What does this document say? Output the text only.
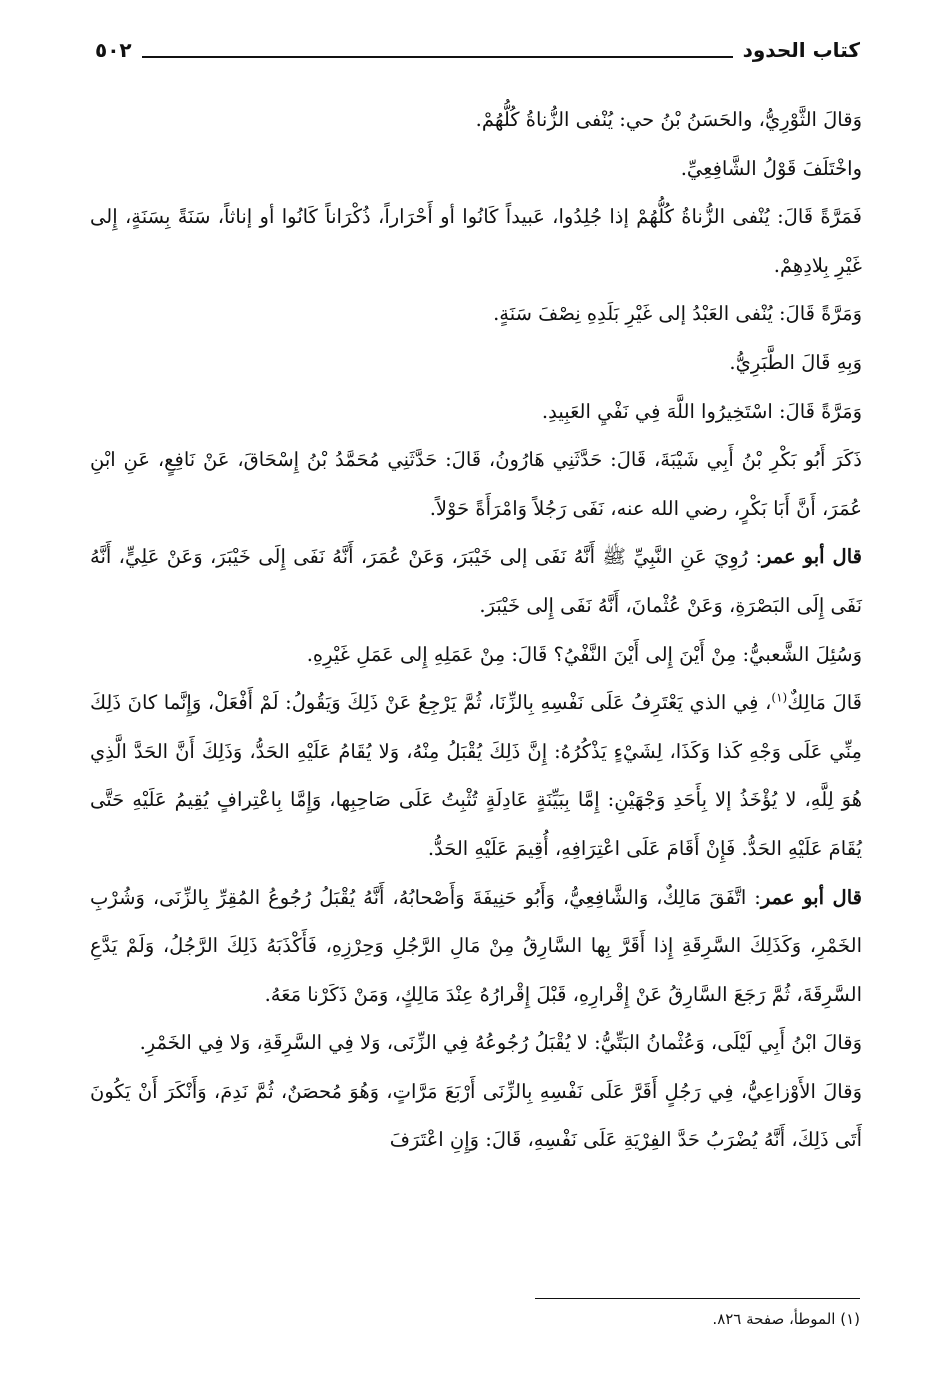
كتاب الحدود
٥٠٢

وَقالَ الثَّوْرِيُّ، والحَسَنُ بْنُ حي: يُنْفى الزُّناةُ كُلُّهُمْ.

واخْتَلَفَ قَوْلُ الشَّافِعِيِّ.

فَمَرَّةً قَالَ: يُنْفى الزُّناةُ كُلُّهُمْ إذا جُلِدُوا، عَبيداً كَانُوا أو أَحْرَاراً، ذُكْرَاناً كَانُوا أو إناثاً، سَنَةً بِسَنَةٍ، إِلى غَيْرِ بِلادِهِمْ.

وَمَرَّةً قَالَ: يُنْفى العَبْدُ إلى غَيْرِ بَلَدِهِ نِصْفَ سَنَةٍ.

وَبِهِ قَالَ الطَّبَرِيُّ.

وَمَرَّةً قَالَ: اسْتَخِيرُوا اللَّهَ فِي نَفْيِ العَبِيدِ.

ذَكَرَ أَبُو بَكْرِ بْنُ أَبِي شَيْبَةَ، قَالَ: حَدَّثَنِي هَارُونُ، قَالَ: حَدَّثَنِي مُحَمَّدُ بْنُ إِسْحَاقَ، عَنْ نَافِعٍ، عَنِ ابْنِ عُمَرَ، أَنَّ أَبَا بَكْرٍ، رضي الله عنه، نَفَى رَجُلاً وَامْرَأَةً حَوْلاً.

قال أبو عمر: رُوِيَ عَنِ النَّبِيِّ ﷺ أَنَّهُ نَفَى إلى خَيْبَرَ، وَعَنْ عُمَرَ، أَنَّهُ نَفَى إِلَى خَيْبَرَ، وَعَنْ عَلِيٍّ، أَنَّهُ نَفَى إِلَى البَصْرَةِ، وَعَنْ عُثْمانَ، أَنَّهُ نَفَى إِلى خَيْبَرَ.

وَسُئِلَ الشَّعبيُّ: مِنْ أَيْنَ إِلى أَيْنَ النَّفْيُ؟ قَالَ: مِنْ عَمَلِهِ إِلى عَمَلِ غَيْرِهِ.

قَالَ مَالِكٌ$^{(١)}$، فِي الذي يَعْتَرِفُ عَلَى نَفْسِهِ بِالزِّنَا، ثُمَّ يَرْجِعُ عَنْ ذَلِكَ وَيَقُولُ: لَمْ أَفْعَلْ، وَإِنَّما كانَ ذَلِكَ مِنِّي عَلَى وَجْهِ كَذا وَكَذَا، لِشَيْءٍ يَذْكُرُهُ: إِنَّ ذَلِكَ يُقْبَلُ مِنْهُ، وَلا يُقَامُ عَلَيْهِ الحَدُّ، وَذَلِكَ أَنَّ الحَدَّ الَّذِي هُوَ لِلَّهِ، لا يُؤْخَذُ إلا بِأَحَدِ وَجْهَيْنِ: إِمَّا بِبَيِّنَةٍ عَادِلَةٍ تُثْبِتُ عَلَى صَاحِبِها، وَإِمَّا بِاعْتِرافٍ يُقِيمُ عَلَيْهِ حَتَّى يُقَامَ عَلَيْهِ الحَدُّ. فَإِنْ أَقَامَ عَلَى اعْتِرَافِهِ، أُقِيمَ عَلَيْهِ الحَدُّ.

قال أبو عمر: اتَّفَقَ مَالِكٌ، وَالشَّافِعِيُّ، وَأَبُو حَنِيفَةَ وَأَصْحابُهُ، أَنَّهُ يُقْبَلُ رُجُوعُ المُقِرِّ بِالزِّنَى، وَشُرْبِ الخَمْرِ، وَكَذَلِكَ السَّرِقَةِ إِذا أَقَرَّ بِها السَّارِقُ مِنْ مَالِ الرَّجُلِ وَحِرْزِهِ، فَأَكْذَبَهُ ذَلِكَ الرَّجُلُ، وَلَمْ يَدَّعِ السَّرِقَةَ، ثُمَّ رَجَعَ السَّارِقُ عَنْ إِقْرارِهِ، قَبْلَ إِقْرارُهُ عِنْدَ مَالِكٍ، وَمَنْ ذَكَرْنا مَعَهُ.

وَقالَ ابْنُ أَبِي لَيْلَى، وَعُثْمانُ البَتِّيُّ: لا يُقْبَلُ رُجُوعُهُ فِي الزِّنَى، وَلا فِي السَّرِقَةِ، وَلا فِي الخَمْرِ.

وَقالَ الأَوْزاعِيُّ، فِي رَجُلٍ أَقَرَّ عَلَى نَفْسِهِ بِالزِّنَى أَرْبَعَ مَرَّاتٍ، وَهُوَ مُحصَنٌ، ثُمَّ نَدِمَ، وَأَنْكَرَ أَنْ يَكُونَ أَتَى ذَلِكَ، أَنَّهُ يُضْرَبُ حَدَّ الفِرْيَةِ عَلَى نَفْسِهِ، قَالَ: وَإِنِ اعْتَرَفَ

(١) الموطأ، صفحة ٨٢٦.
